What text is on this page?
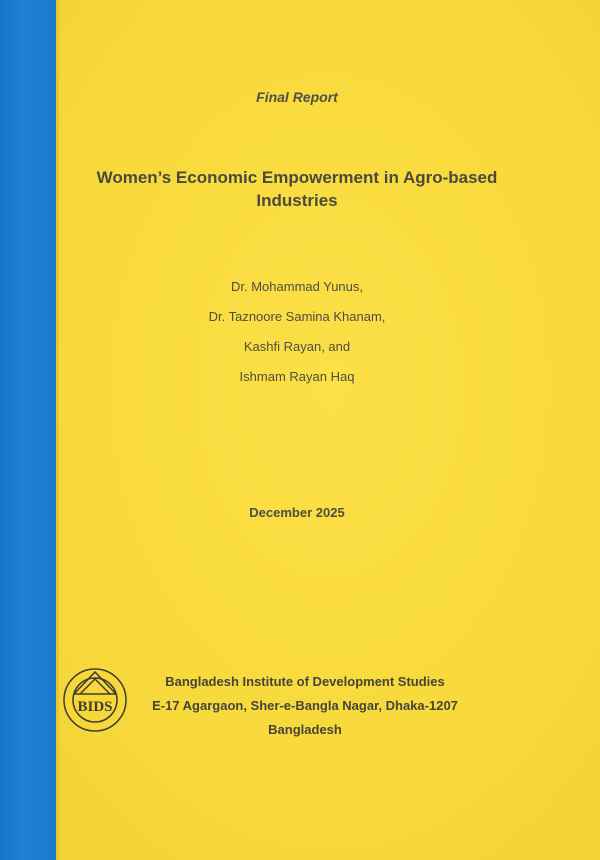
Final Report
Women’s Economic Empowerment in Agro-based Industries
Dr. Mohammad Yunus,
Dr. Taznoore Samina Khanam,
Kashfi Rayan, and
Ishmam Rayan Haq
December 2025
BIDS
Bangladesh Institute of Development Studies
E-17 Agargaon, Sher-e-Bangla Nagar, Dhaka-1207
Bangladesh
